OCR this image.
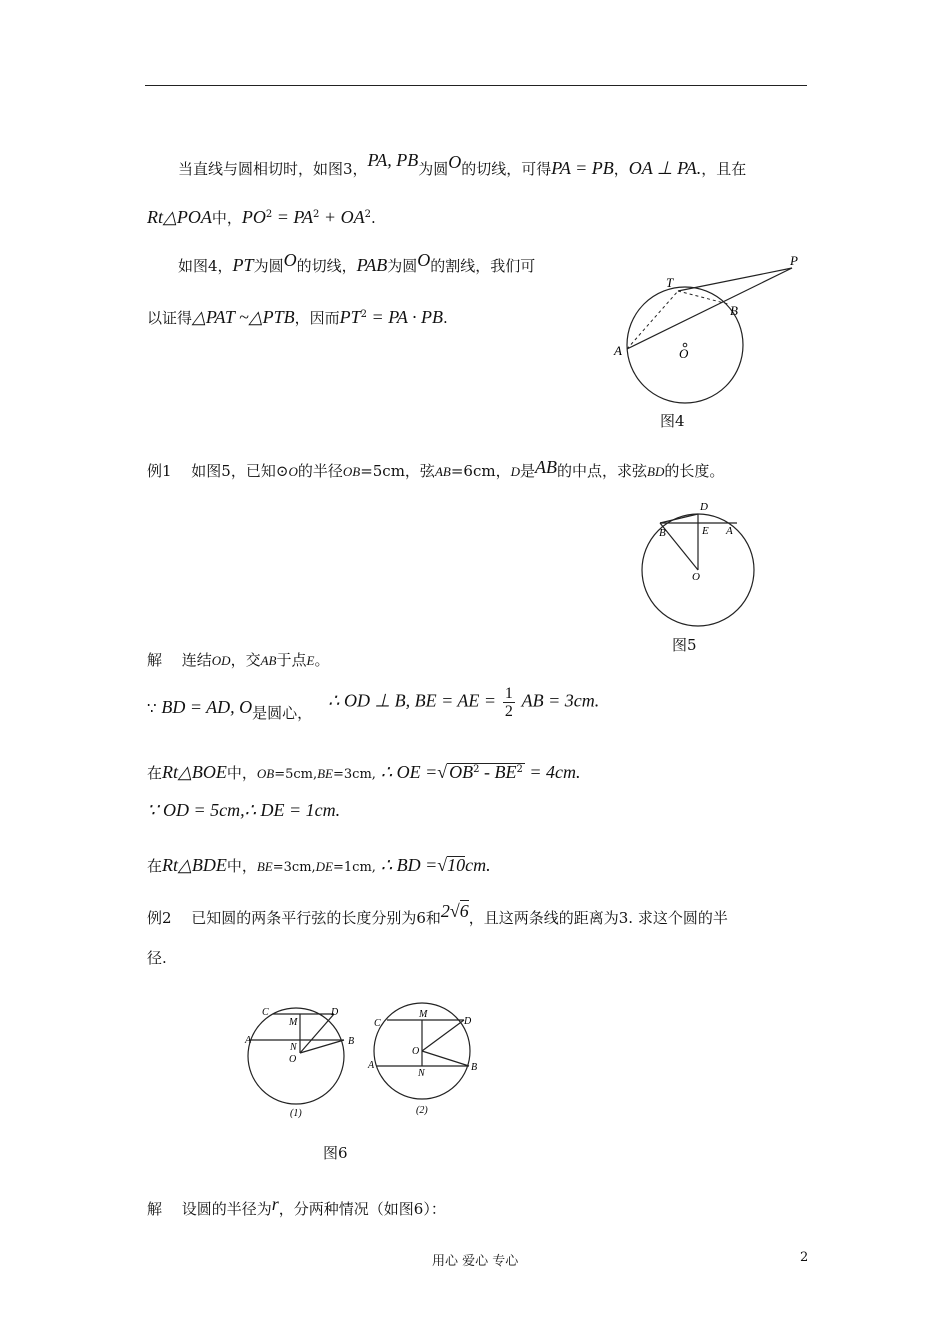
当直线与圆相切时，如图3，PA, PB为圆O的切线，可得PA = PB，OA ⊥ PA.，且在
Rt△POA中，$PO^2 = PA^2 + OA^2$.
如图4，PT为圆O的切线，PAB为圆O的割线，我们可
以证得△PAT ~△PTB，因而$PT^2$ = PA · PB.
P
T
B
A	O
图4
例1　 如图5，已知⊙O的半径OB=5cm，弦AB=6cm，D是AB的中点，求弦BD的长度。
D
B	E A
O
图5
解　 连结OD，交AB于点E。
∵ BD = AD, O是圆心，
∴ OD ⊥ B, BE = AE = $\frac{1}{2}$ AB = 3cm.
在Rt△BOE中，OB=5cm,BE=3cm, ∴ OE =√ $OB^2 - BE^2 = 4cm$.
∵ OD = 5cm,∴ DE = 1cm.
在Rt△BDE中，BE=3cm,DE=1cm, ∴ BD =√10cm.
例2　 已知圆的两条平行弦的长度分别为6和2√6，且这两条线的距离为3. 求这个圆的半
径.
C
M
D
A
N
O
B
(1)
C
M
D
O
A
N
B
(2)
图6
解　 设圆的半径为r，分两种情况（如图6）：
用心 爱心 专心	2
